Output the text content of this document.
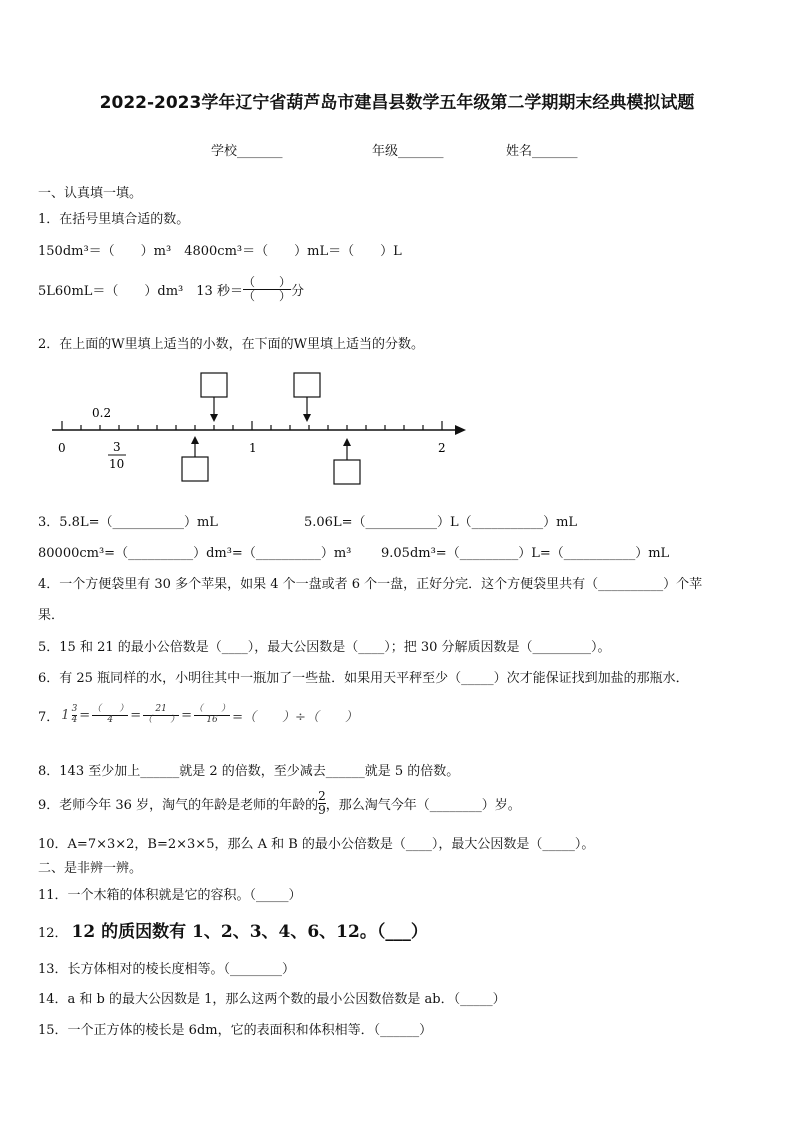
2022-2023学年辽宁省葫芦岛市建昌县数学五年级第二学期期末经典模拟试题
学校_______	年级_______	姓名_______
一、认真填一填。
1．在括号里填合适的数。
150dm³＝（　　）m³　4800cm³＝（　　）mL＝（　　）L
5L60mL＝（　　）dm³　13 秒＝ $\frac{( )}{( )}$ 分
2．在上面的W里填上适当的小数，在下面的W里填上适当的分数。
0.2
0	1	2
3
10
3．5.8L=（___________）mL	5.06L=（___________）L（___________）mL
80000cm³=（__________）dm³=（__________）m³ 9.05dm³=（_________）L=（___________）mL
4．一个方便袋里有 30 多个苹果，如果 4 个一盘或者 6 个一盘，正好分完．这个方便袋里共有（__________）个苹
果．
5．15 和 21 的最小公倍数是（____），最大公因数是（____）；把 30 分解质因数是（_________）。
6．有 25 瓶同样的水，小明往其中一瓶加了一些盐．如果用天平秤至少（_____）次才能保证找到加盐的那瓶水．
7． $1 \frac{3}{4} = \frac{( )}{4} = \frac{21}{( )} = \frac{( )}{16}$ =（　　）÷（　　）
8．143 至少加上______就是 2 的倍数，至少减去______就是 5 的倍数。
9．老师今年 36 岁，淘气的年龄是老师的年龄的 $\frac{2}{9}$ ，那么淘气今年（________）岁。
10．A=7×3×2，B=2×3×5，那么 A 和 B 的最小公倍数是（____），最大公因数是（_____）。
二、是非辨一辨。
11．一个木箱的体积就是它的容积。（_____）
12． 12 的质因数有 1、2、3、4、6、12。（___）
13．长方体相对的棱长度相等。（________）
14．a 和 b 的最大公因数是 1，那么这两个数的最小公因数倍数是 ab．（_____）
15．一个正方体的棱长是 6dm，它的表面积和体积相等．（______）
